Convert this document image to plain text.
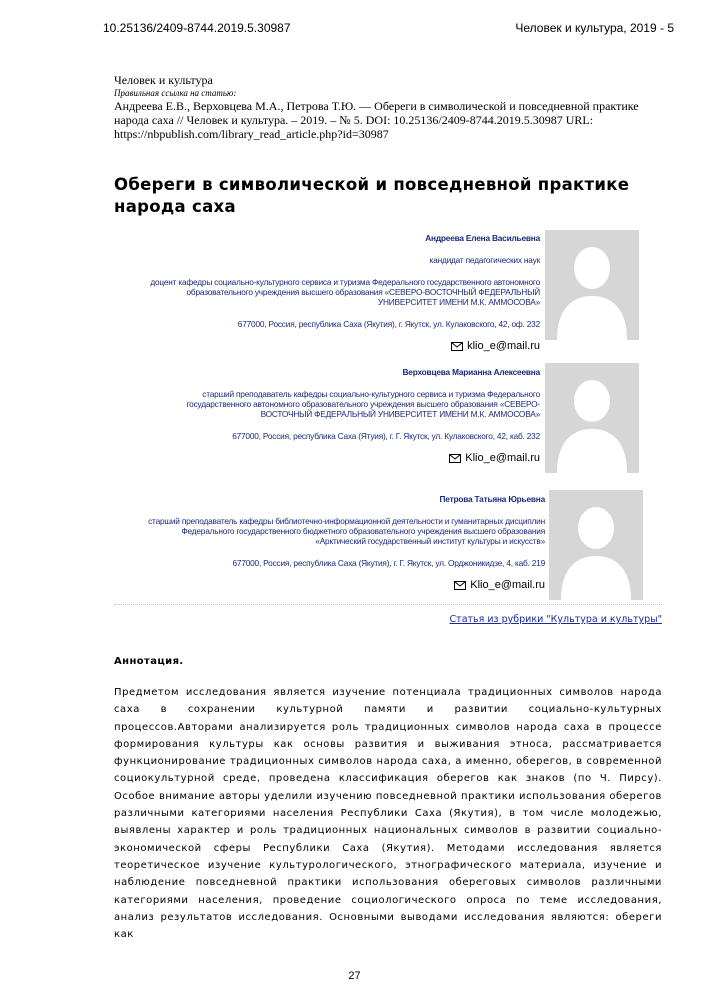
10.25136/2409-8744.2019.5.30987	Человек и культура, 2019 - 5
Человек и культура
Правильная ссылка на статью:
Андреева Е.В., Верховцева М.А., Петрова Т.Ю. — Обереги в символической и повседневной практике народа саха // Человек и культура. – 2019. – № 5. DOI: 10.25136/2409-8744.2019.5.30987 URL: https://nbpublish.com/library_read_article.php?id=30987
Обереги в символической и повседневной практике народа саха
Андреева Елена Васильевна
кандидат педагогических наук
доцент кафедры социально-культурного сервиса и туризма Федерального государственного автономного образовательного учреждения высшего образования «СЕВЕРО-ВОСТОЧНЫЙ ФЕДЕРАЛЬНЫЙ УНИВЕРСИТЕТ ИМЕНИ М.К. АММОСОВА»
677000, Россия, республика Саха (Якутия), г. Якутск, ул. Кулаковского, 42, оф. 232
klio_e@mail.ru
Верховцева Марианна Алексеевна
старший преподаватель кафедры социально-культурного сервиса и туризма Федерального государственного автономного образовательного учреждения высшего образования «СЕВЕРО-ВОСТОЧНЫЙ ФЕДЕРАЛЬНЫЙ УНИВЕРСИТЕТ ИМЕНИ М.К. АММОСОВА»
677000, Россия, республика Саха (Ятуия), г. Г. Якутск, ул. Кулаковского, 42, каб. 232
Klio_e@mail.ru
Петрова Татьяна Юрьевна
старший преподаватель кафедры библиотечно-информационной деятельности и гуманитарных дисциплин Федерального государственного бюджетного образовательного учреждения высшего образования «Арктический государственный институт культуры и искусств»
677000, Россия, республика Саха (Якутия), г. Г. Якутск, ул. Орджоникидзе, 4, каб. 219
Klio_e@mail.ru
Статья из рубрики "Культура и культуры"
Аннотация.
Предметом исследования является изучение потенциала традиционных символов народа саха в сохранении культурной памяти и развитии социально-культурных процессов.Авторами анализируется роль традиционных символов народа саха в процессе формирования культуры как основы развития и выживания этноса, рассматривается функционирование традиционных символов народа саха, а именно, оберегов, в современной социокультурной среде, проведена классификация оберегов как знаков (по Ч. Пирсу). Особое внимание авторы уделили изучению повседневной практики использования оберегов различными категориями населения Республики Саха (Якутия), в том числе молодежью, выявлены характер и роль традиционных национальных символов в развитии социально-экономической сферы Республики Саха (Якутия). Методами исследования является теоретическое изучение культурологического, этнографического материала, изучение и наблюдение повседневной практики использования обереговых символов различными категориями населения, проведение социологического опроса по теме исследования, анализ результатов исследования. Основными выводами исследования являются: обереги как
27
